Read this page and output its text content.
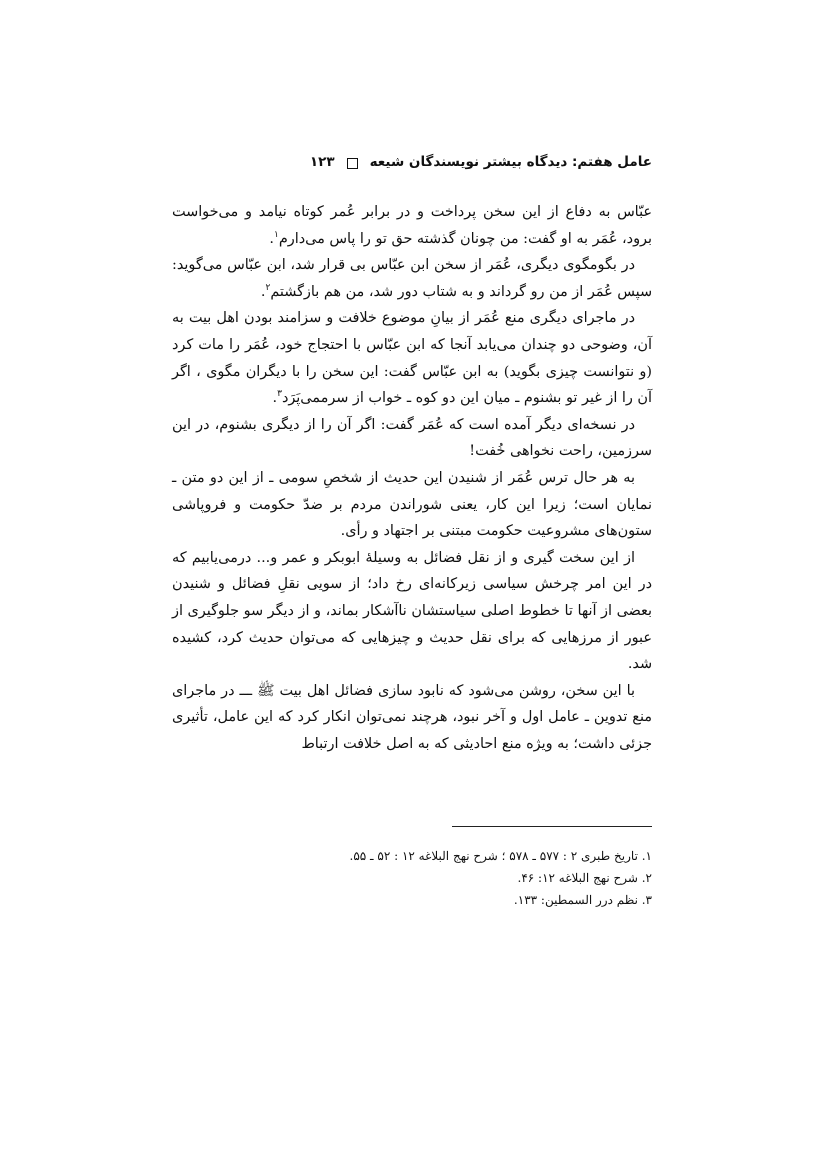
عامل هفتم: دیدگاه بیشتر نویسندگان شیعه
۱۲۳

عبّاس به دفاع از این سخن پرداخت و در برابر عُمر کوتاه نیامد و می‌خواست برود، عُمَر به او گفت: من چونان گذشته حق تو را پاس می‌دارم$^۱$.

در بگومگوی دیگری، عُمَر از سخن ابن عبّاس بی قرار شد، ابن عبّاس می‌گوید: سپس عُمَر از من رو گرداند و به شتاب دور شد، من هم بازگشتم$^۲$.

در ماجرای دیگری منع عُمَر از بیانِ موضوع خلافت و سزامند بودن اهل بیت به آن، وضوحی دو چندان می‌یابد آنجا که ابن عبّاس با احتجاج خود، عُمَر را مات کرد (و نتوانست چیزی بگوید) به ابن عبّاس گفت: این سخن را با دیگران مگوی ، اگر آن را از غیر تو بشنوم ـ میان این دو کوه ـ خواب از سرممی‌پَرَد$^۳$.

در نسخه‌ای دیگر آمده است که عُمَر گفت: اگر آن را از دیگری بشنوم، در این سرزمین، راحت نخواهی خُفت!

به هر حال ترس عُمَر از شنیدن این حدیث از شخصِ سومی ـ از این دو متن ـ نمایان است؛ زیرا این کار، یعنی شوراندن مردم بر ضدّ حکومت و فروپاشی ستون‌های مشروعیت حکومت مبتنی بر اجتهاد و رأی.

از این سخت گیری و از نقل فضائل به وسیلهٔ ابوبکر و عمر و... درمی‌یابیم که در این امر چرخش سیاسی زیرکانه‌ای رخ داد؛ از سویی نقلِ فضائل و شنیدن بعضی از آنها تا خطوط اصلی سیاستشان ناآشکار بماند، و از دیگر سو جلوگیری از عبور از مرزهایی که برای نقل حدیث و چیزهایی که می‌توان حدیث کرد، کشیده شد.

با این سخن، روشن می‌شود که نابود سازی فضائل اهل بیت ﷺ ـــ در ماجرای منع تدوین ـ عامل اول و آخر نبود، هرچند نمی‌توان انکار کرد که این عامل، تأثیری جزئی داشت؛ به ویژه منع احادیثی که به اصل خلافت ارتباط

۱. تاریخ طبری ۲ : ۵۷۷ ـ ۵۷۸ ؛ شرح نهج البلاغه ۱۲ : ۵۲ ـ ۵۵.
۲. شرح نهج البلاغه ۱۲: ۴۶.
۳. نظم درر السمطین: ۱۳۳.
